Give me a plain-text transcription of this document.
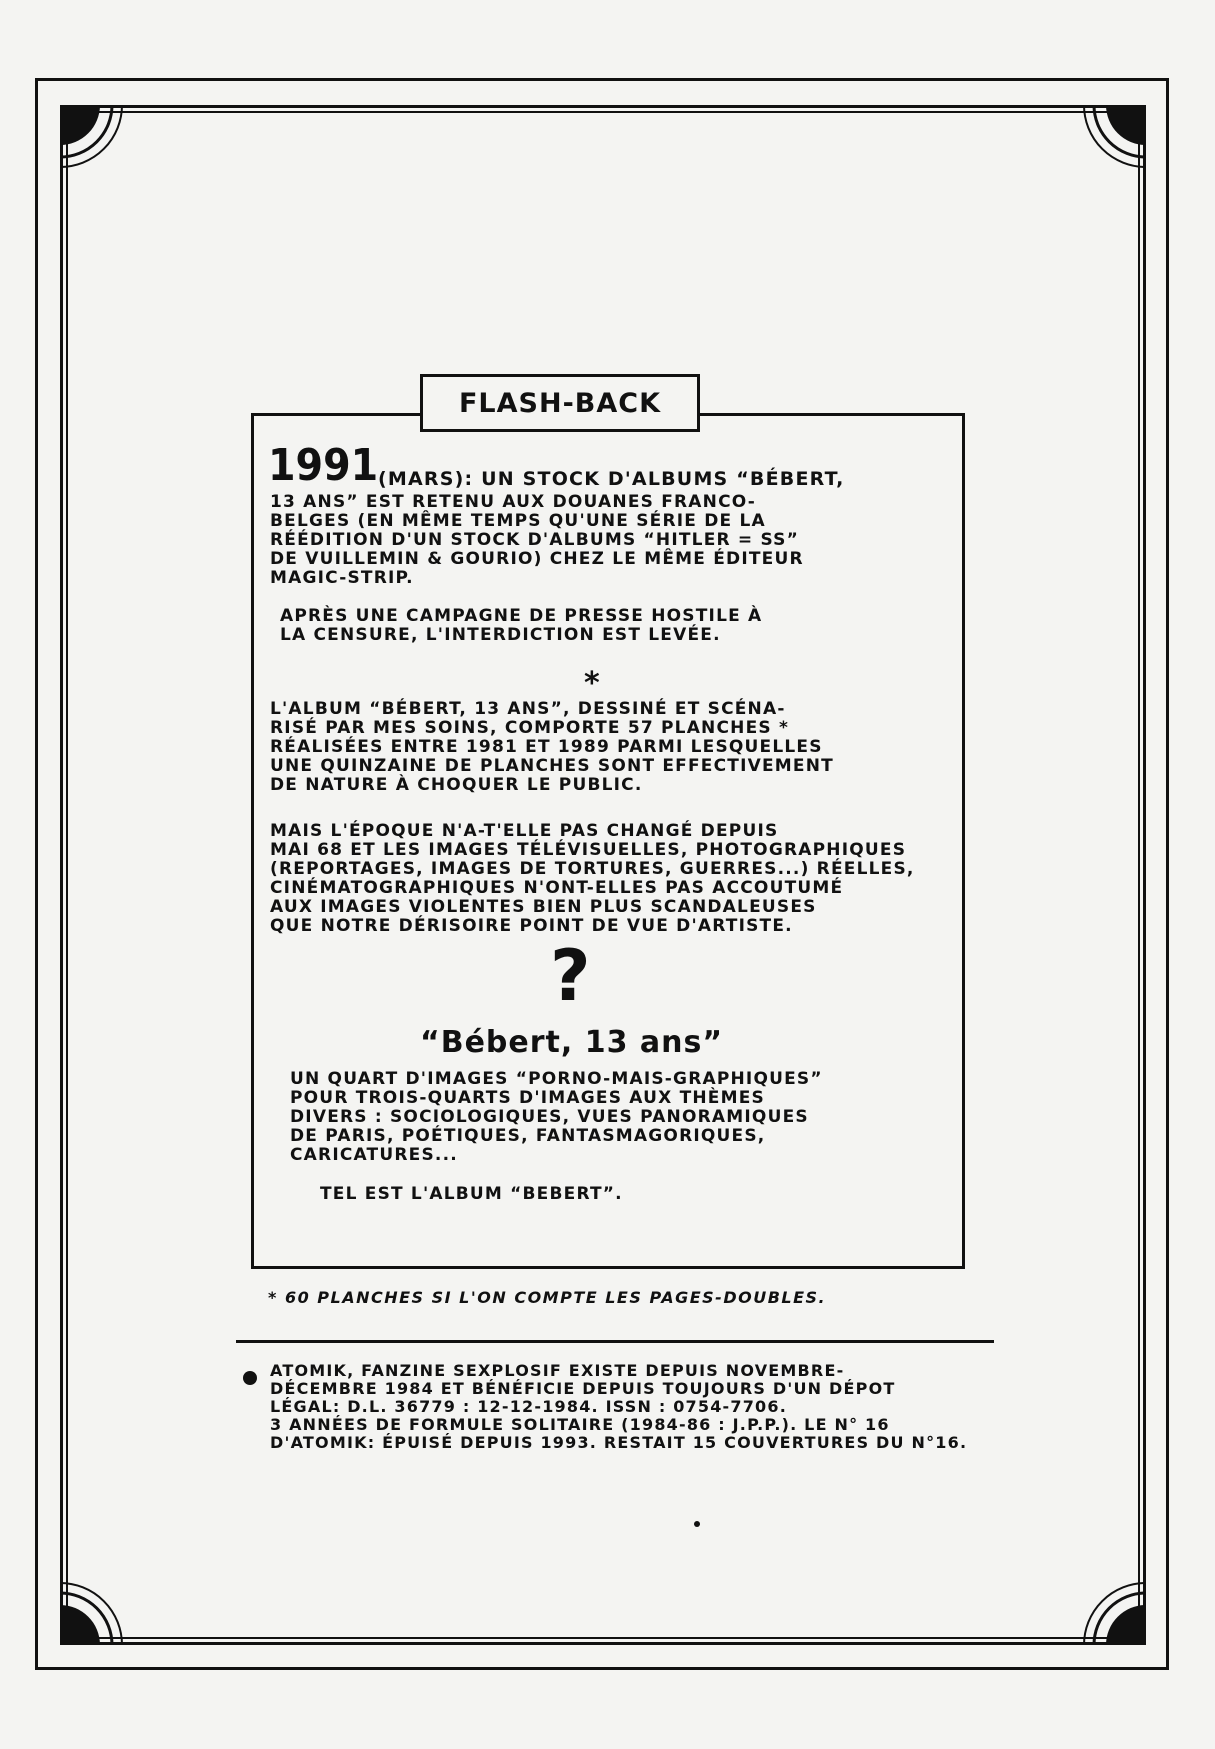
FLASH-BACK
1991 (MARS): UN STOCK D'ALBUMS “BÉBERT,

13 ANS” EST RETENU AUX DOUANES FRANCO-
BELGES (EN MÊME TEMPS QU'UNE SÉRIE DE LA
RÉÉDITION D'UN STOCK D'ALBUMS “HITLER = SS”
DE VUILLEMIN & GOURIO) CHEZ LE MÊME ÉDITEUR
MAGIC-STRIP.

APRÈS UNE CAMPAGNE DE PRESSE HOSTILE À
LA CENSURE, L'INTERDICTION EST LEVÉE.

*

L'ALBUM “BÉBERT, 13 ANS”, DESSINÉ ET SCÉNA-
RISÉ PAR MES SOINS, COMPORTE 57 PLANCHES *
RÉALISÉES ENTRE 1981 ET 1989 PARMI LESQUELLES
UNE QUINZAINE DE PLANCHES SONT EFFECTIVEMENT
DE NATURE À CHOQUER LE PUBLIC.

MAIS L'ÉPOQUE N'A-T'ELLE PAS CHANGÉ DEPUIS
MAI 68 ET LES IMAGES TÉLÉVISUELLES, PHOTOGRAPHIQUES
(REPORTAGES, IMAGES DE TORTURES, GUERRES...) RÉELLES,
CINÉMATOGRAPHIQUES N'ONT-ELLES PAS ACCOUTUMÉ
AUX IMAGES VIOLENTES BIEN PLUS SCANDALEUSES
QUE NOTRE DÉRISOIRE POINT DE VUE D'ARTISTE.

?
“Bébert, 13 ans”

UN QUART D'IMAGES “PORNO-MAIS-GRAPHIQUES”
POUR TROIS-QUARTS D'IMAGES AUX THÈMES
DIVERS : SOCIOLOGIQUES, VUES PANORAMIQUES
DE PARIS, POÉTIQUES, FANTASMAGORIQUES,
CARICATURES...

TEL EST L'ALBUM “BEBERT”.

* 60 PLANCHES SI L'ON COMPTE LES PAGES-DOUBLES.

ATOMIK, FANZINE SEXPLOSIF EXISTE DEPUIS NOVEMBRE-
DÉCEMBRE 1984 ET BÉNÉFICIE DEPUIS TOUJOURS D'UN DÉPOT
LÉGAL: D.L. 36779 : 12-12-1984. ISSN : 0754-7706.
3 ANNÉES DE FORMULE SOLITAIRE (1984-86 : J.P.P.). LE N° 16
D'ATOMIK: ÉPUISÉ DEPUIS 1993. RESTAIT 15 COUVERTURES DU N°16.
